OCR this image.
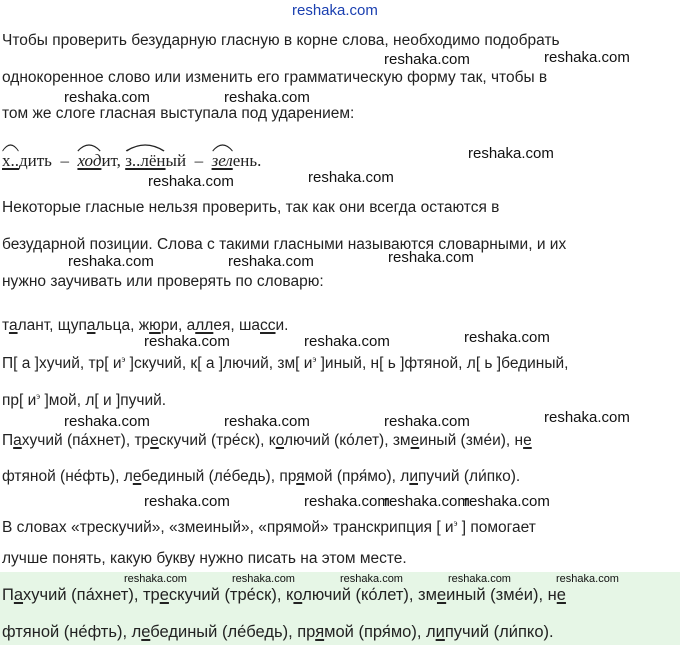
reshaka.com
Чтобы проверить безударную гласную в корне слова, необходимо подобрать
однокоренное слово или изменить его грамматическую форму так, чтобы в
том же слоге гласная выступала под ударением:
х..дить – ходит, з..лёный – зелень.
Некоторые гласные нельзя проверить, так как они всегда остаются в
безударной позиции. Слова с такими гласными называются словарными, и их
нужно заучивать или проверять по словарю:
талант, щупальца, жюри, аллея, шасси.
П[ а ]хучий, тр[ $и^э$ ]скучий, к[ а ]лючий, зм[ $и^э$ ]иный, н[ ь ]фтяной, л[ ь ]бединый,
пр[ $и^э$ ]мой, л[ и ]пучий.
Пахучий (па́хнет), трескучий (тре́ск), колючий (ко́лет), змеиный (зме́и), не
фтяной (не́фть), лебединый (ле́бедь), прямой (пря́мо), липучий (ли́пко).
В словах «трескучий», «змеиный», «прямой» транскрипция [ $и^э$ ] помогает
лучше понять, какую букву нужно писать на этом месте.
Пахучий (па́хнет), трескучий (тре́ск), колючий (ко́лет), змеиный (зме́и), не
фтяной (не́фть), лебединый (ле́бедь), прямой (пря́мо), липучий (ли́пко).
reshaka.com	reshaka.com
reshaka.com	reshaka.com
reshaka.com
reshaka.com	reshaka.com
reshaka.com
reshaka.com	reshaka.com
reshaka.com	reshaka.com	reshaka.com
reshaka.com	reshaka.com	reshaka.com	reshaka.com
reshaka.com	reshaka.com
reshaka.com
reshaka.com
reshaka.com	reshaka.com	reshaka.com	reshaka.com	reshaka.com
